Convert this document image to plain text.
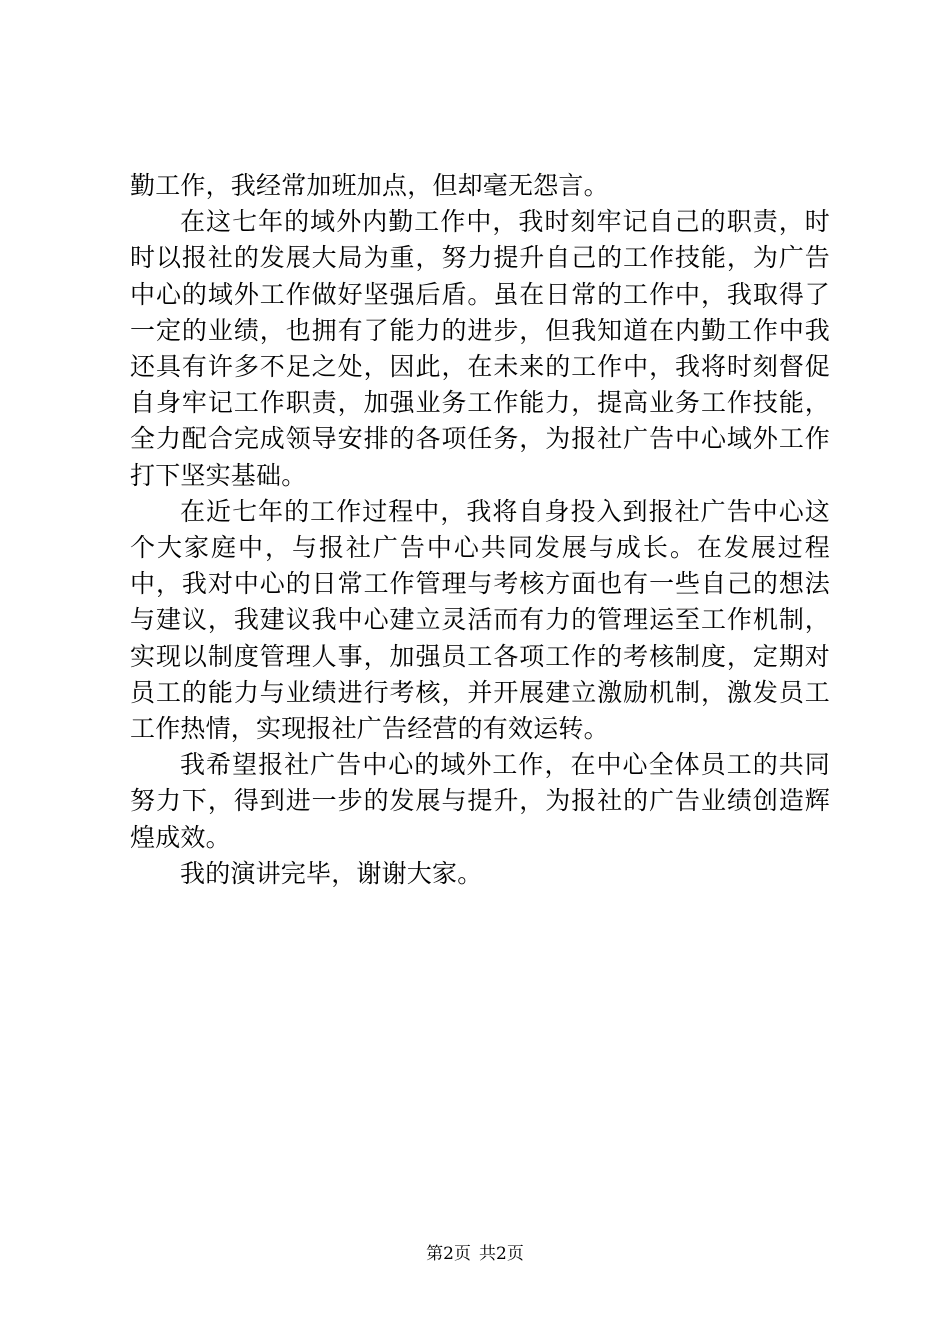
勤工作，我经常加班加点，但却毫无怨言。

在这七年的域外内勤工作中，我时刻牢记自己的职责，时时以报社的发展大局为重，努力提升自己的工作技能，为广告中心的域外工作做好坚强后盾。虽在日常的工作中，我取得了一定的业绩，也拥有了能力的进步，但我知道在内勤工作中我还具有许多不足之处，因此，在未来的工作中，我将时刻督促自身牢记工作职责，加强业务工作能力，提高业务工作技能，全力配合完成领导安排的各项任务，为报社广告中心域外工作打下坚实基础。

在近七年的工作过程中，我将自身投入到报社广告中心这个大家庭中，与报社广告中心共同发展与成长。在发展过程中，我对中心的日常工作管理与考核方面也有一些自己的想法与建议，我建议我中心建立灵活而有力的管理运至工作机制，实现以制度管理人事，加强员工各项工作的考核制度，定期对员工的能力与业绩进行考核，并开展建立激励机制，激发员工工作热情，实现报社广告经营的有效运转。

我希望报社广告中心的域外工作，在中心全体员工的共同努力下，得到进一步的发展与提升，为报社的广告业绩创造辉煌成效。

我的演讲完毕，谢谢大家。

第2页 共2页
